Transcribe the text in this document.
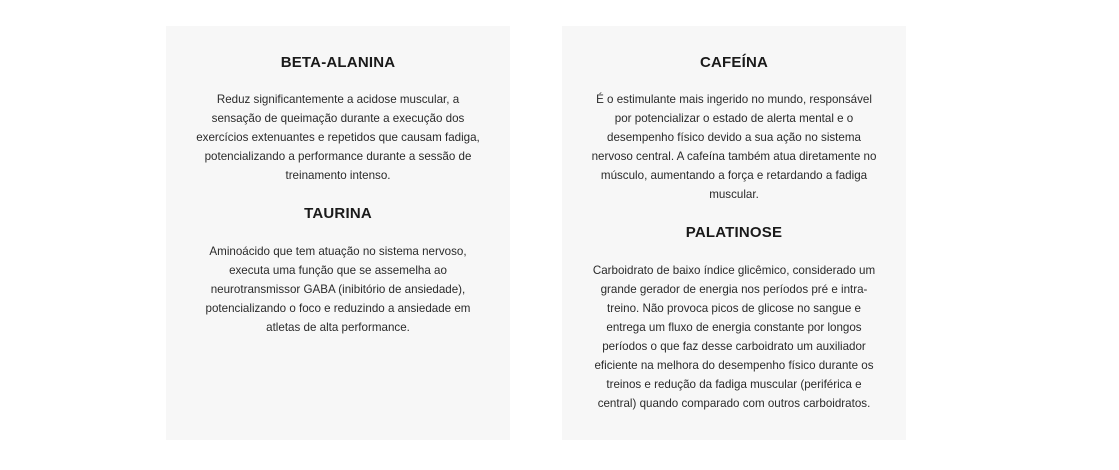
BETA-ALANINA

Reduz significantemente a acidose muscular, a sensação de queimação durante a execução dos exercícios extenuantes e repetidos que causam fadiga, potencializando a performance durante a sessão de treinamento intenso.

TAURINA

Aminoácido que tem atuação no sistema nervoso, executa uma função que se assemelha ao neurotransmissor GABA (inibitório de ansiedade), potencializando o foco e reduzindo a ansiedade em atletas de alta performance.

CAFEÍNA

É o estimulante mais ingerido no mundo, responsável por potencializar o estado de alerta mental e o desempenho físico devido a sua ação no sistema nervoso central. A cafeína também atua diretamente no músculo, aumentando a força e retardando a fadiga muscular.

PALATINOSE

Carboidrato de baixo índice glicêmico, considerado um grande gerador de energia nos períodos pré e intra-treino. Não provoca picos de glicose no sangue e entrega um fluxo de energia constante por longos períodos o que faz desse carboidrato um auxiliador eficiente na melhora do desempenho físico durante os treinos e redução da fadiga muscular (periférica e central) quando comparado com outros carboidratos.
